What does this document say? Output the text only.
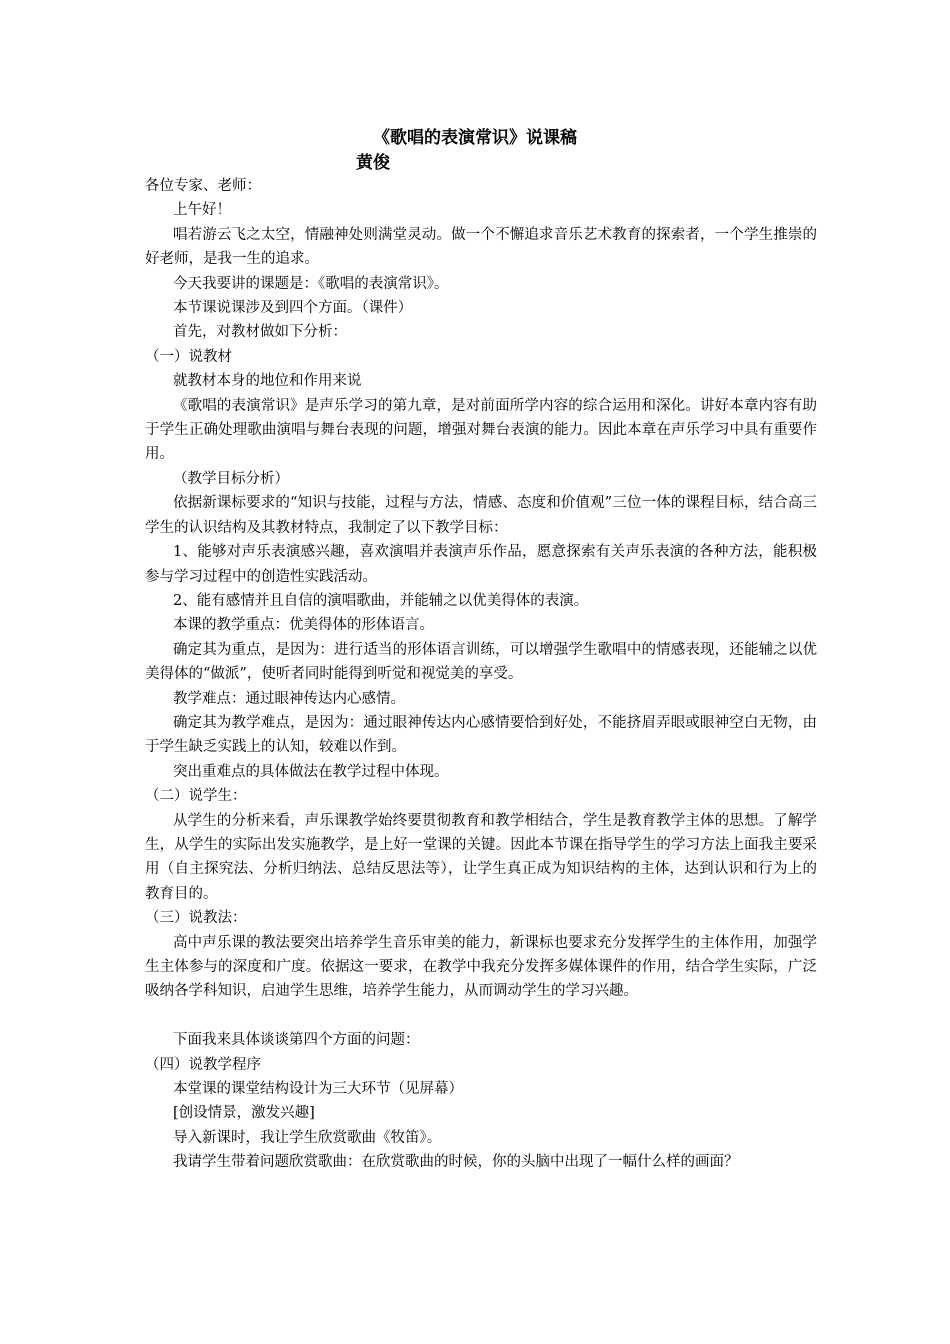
《歌唱的表演常识》说课稿
黄俊

各位专家、老师：

上午好！

唱若游云飞之太空，情融神处则满堂灵动。做一个不懈追求音乐艺术教育的探索者，一个学生推崇的好老师，是我一生的追求。

今天我要讲的课题是：《歌唱的表演常识》。

本节课说课涉及到四个方面。（课件）

首先，对教材做如下分析：

（一）说教材

就教材本身的地位和作用来说

《歌唱的表演常识》是声乐学习的第九章，是对前面所学内容的综合运用和深化。讲好本章内容有助于学生正确处理歌曲演唱与舞台表现的问题，增强对舞台表演的能力。因此本章在声乐学习中具有重要作用。

（教学目标分析）

依据新课标要求的“知识与技能，过程与方法，情感、态度和价值观”三位一体的课程目标，结合高三学生的认识结构及其教材特点，我制定了以下教学目标：

1、能够对声乐表演感兴趣，喜欢演唱并表演声乐作品，愿意探索有关声乐表演的各种方法，能积极参与学习过程中的创造性实践活动。

2、能有感情并且自信的演唱歌曲，并能辅之以优美得体的表演。

本课的教学重点：优美得体的形体语言。

确定其为重点，是因为：进行适当的形体语言训练，可以增强学生歌唱中的情感表现，还能辅之以优美得体的“做派”，使听者同时能得到听觉和视觉美的享受。

教学难点：通过眼神传达内心感情。

确定其为教学难点，是因为：通过眼神传达内心感情要恰到好处，不能挤眉弄眼或眼神空白无物，由于学生缺乏实践上的认知，较难以作到。

突出重难点的具体做法在教学过程中体现。

（二）说学生：

从学生的分析来看，声乐课教学始终要贯彻教育和教学相结合，学生是教育教学主体的思想。了解学生，从学生的实际出发实施教学，是上好一堂课的关键。因此本节课在指导学生的学习方法上面我主要采用（自主探究法、分析归纳法、总结反思法等），让学生真正成为知识结构的主体，达到认识和行为上的教育目的。

（三）说教法：

高中声乐课的教法要突出培养学生音乐审美的能力，新课标也要求充分发挥学生的主体作用，加强学生主体参与的深度和广度。依据这一要求，在教学中我充分发挥多媒体课件的作用，结合学生实际，广泛吸纳各学科知识，启迪学生思维，培养学生能力，从而调动学生的学习兴趣。

下面我来具体谈谈第四个方面的问题：

（四）说教学程序

本堂课的课堂结构设计为三大环节（见屏幕）

[创设情景，激发兴趣]

导入新课时，我让学生欣赏歌曲《牧笛》。

我请学生带着问题欣赏歌曲：在欣赏歌曲的时候，你的头脑中出现了一幅什么样的画面？
